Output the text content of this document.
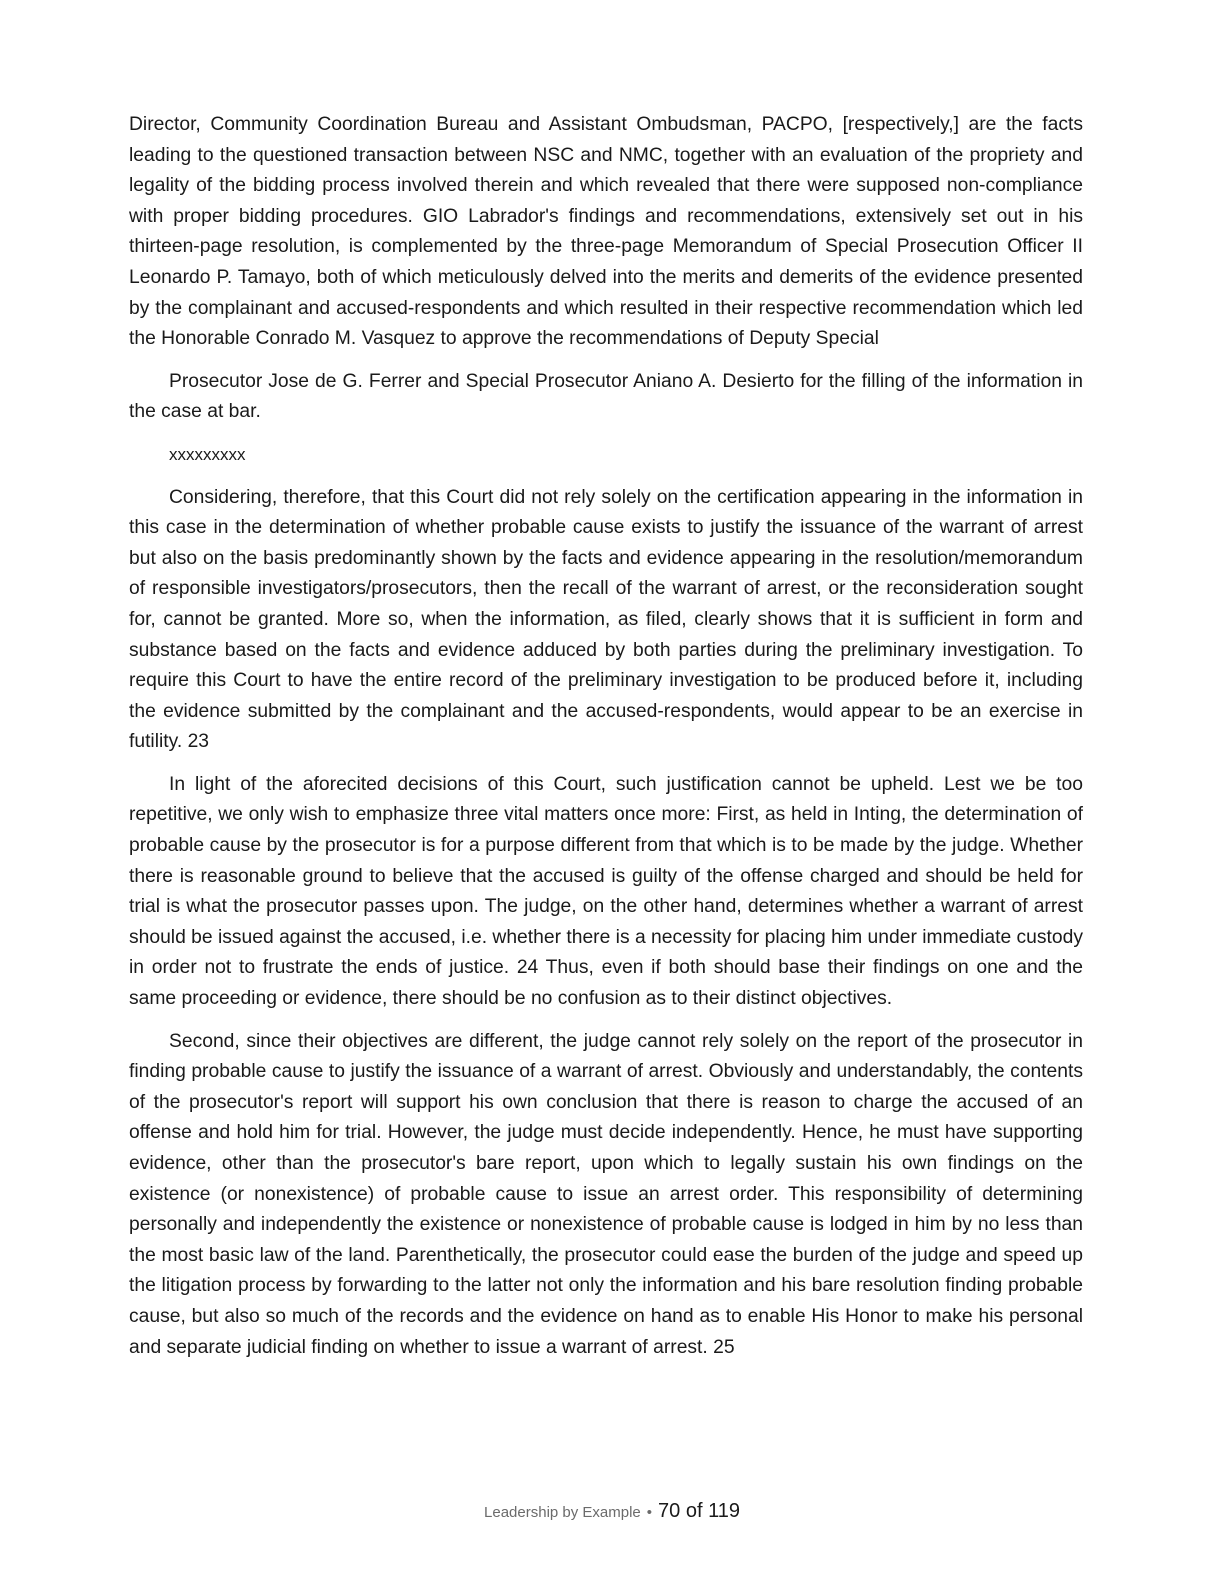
Director, Community Coordination Bureau and Assistant Ombudsman, PACPO, [respectively,] are the facts leading to the questioned transaction between NSC and NMC, together with an evaluation of the propriety and legality of the bidding process involved therein and which revealed that there were supposed non-compliance with proper bidding procedures. GIO Labrador's findings and recommendations, extensively set out in his thirteen-page resolution, is complemented by the three-page Memorandum of Special Prosecution Officer II Leonardo P. Tamayo, both of which meticulously delved into the merits and demerits of the evidence presented by the complainant and accused-respondents and which resulted in their respective recommendation which led the Honorable Conrado M. Vasquez to approve the recommendations of Deputy Special

Prosecutor Jose de G. Ferrer and Special Prosecutor Aniano A. Desierto for the filling of the information in the case at bar.

xxxxxxxxx

Considering, therefore, that this Court did not rely solely on the certification appearing in the information in this case in the determination of whether probable cause exists to justify the issuance of the warrant of arrest but also on the basis predominantly shown by the facts and evidence appearing in the resolution/memorandum of responsible investigators/prosecutors, then the recall of the warrant of arrest, or the reconsideration sought for, cannot be granted. More so, when the information, as filed, clearly shows that it is sufficient in form and substance based on the facts and evidence adduced by both parties during the preliminary investigation. To require this Court to have the entire record of the preliminary investigation to be produced before it, including the evidence submitted by the complainant and the accused-respondents, would appear to be an exercise in futility. 23

In light of the aforecited decisions of this Court, such justification cannot be upheld. Lest we be too repetitive, we only wish to emphasize three vital matters once more: First, as held in Inting, the determination of probable cause by the prosecutor is for a purpose different from that which is to be made by the judge. Whether there is reasonable ground to believe that the accused is guilty of the offense charged and should be held for trial is what the prosecutor passes upon. The judge, on the other hand, determines whether a warrant of arrest should be issued against the accused, i.e. whether there is a necessity for placing him under immediate custody in order not to frustrate the ends of justice. 24 Thus, even if both should base their findings on one and the same proceeding or evidence, there should be no confusion as to their distinct objectives.

Second, since their objectives are different, the judge cannot rely solely on the report of the prosecutor in finding probable cause to justify the issuance of a warrant of arrest. Obviously and understandably, the contents of the prosecutor's report will support his own conclusion that there is reason to charge the accused of an offense and hold him for trial. However, the judge must decide independently. Hence, he must have supporting evidence, other than the prosecutor's bare report, upon which to legally sustain his own findings on the existence (or nonexistence) of probable cause to issue an arrest order. This responsibility of determining personally and independently the existence or nonexistence of probable cause is lodged in him by no less than the most basic law of the land. Parenthetically, the prosecutor could ease the burden of the judge and speed up the litigation process by forwarding to the latter not only the information and his bare resolution finding probable cause, but also so much of the records and the evidence on hand as to enable His Honor to make his personal and separate judicial finding on whether to issue a warrant of arrest. 25

Leadership by Example • 70 of 119
